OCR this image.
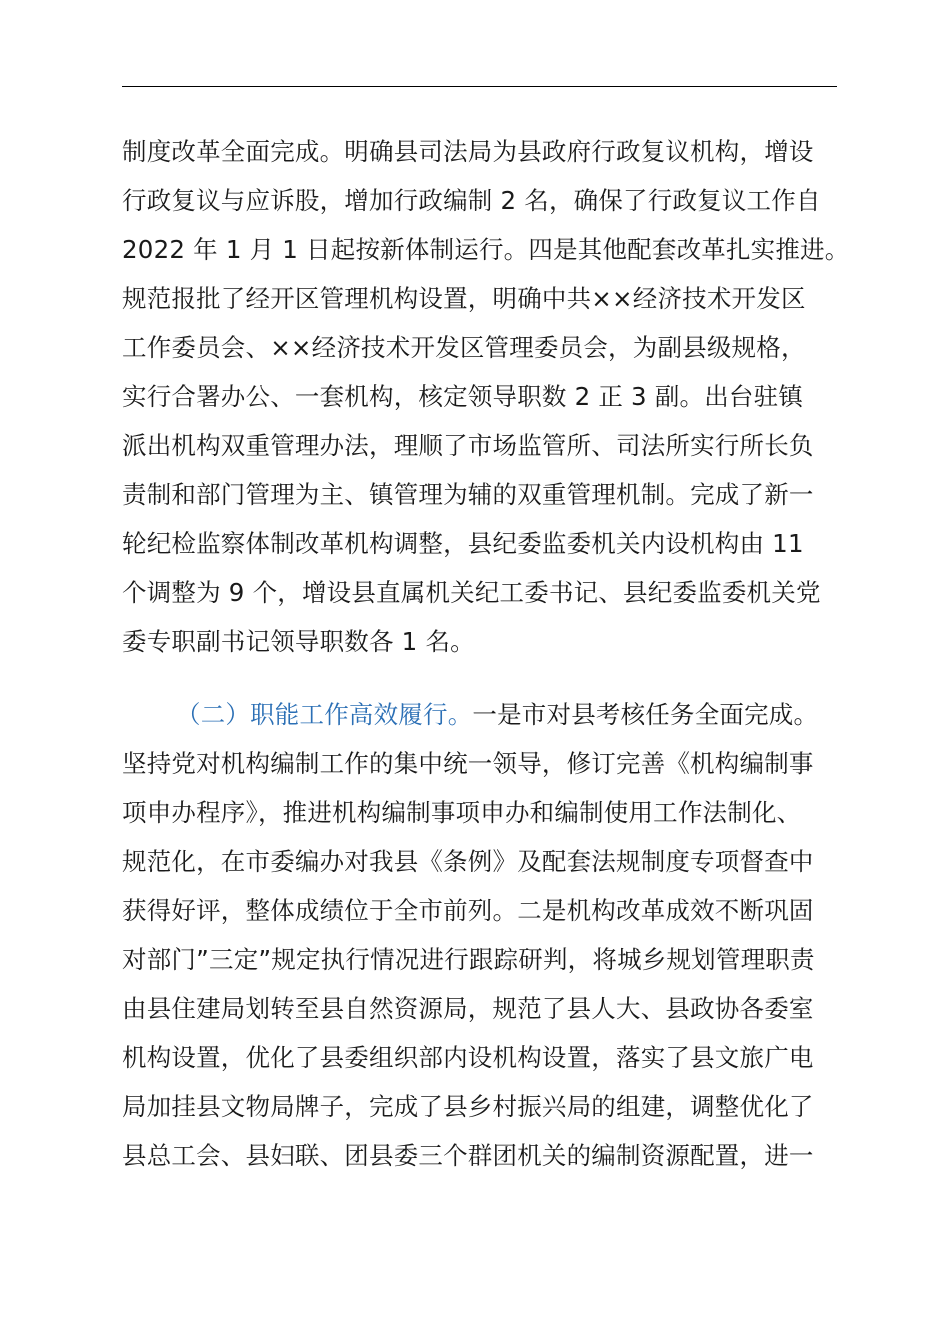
制度改革全面完成。明确县司法局为县政府行政复议机构，增设
行政复议与应诉股，增加行政编制 2 名，确保了行政复议工作自
2022 年 1 月 1 日起按新体制运行。四是其他配套改革扎实推进。
规范报批了经开区管理机构设置，明确中共××经济技术开发区
工作委员会、××经济技术开发区管理委员会，为副县级规格，
实行合署办公、一套机构，核定领导职数 2 正 3 副。出台驻镇
派出机构双重管理办法，理顺了市场监管所、司法所实行所长负
责制和部门管理为主、镇管理为辅的双重管理机制。完成了新一
轮纪检监察体制改革机构调整，县纪委监委机关内设机构由 11
个调整为 9 个，增设县直属机关纪工委书记、县纪委监委机关党
委专职副书记领导职数各 1 名。
（二）职能工作高效履行。一是市对县考核任务全面完成。
坚持党对机构编制工作的集中统一领导，修订完善《机构编制事
项申办程序》，推进机构编制事项申办和编制使用工作法制化、
规范化，在市委编办对我县《条例》及配套法规制度专项督查中
获得好评，整体成绩位于全市前列。二是机构改革成效不断巩固
对部门”三定”规定执行情况进行跟踪研判，将城乡规划管理职责
由县住建局划转至县自然资源局，规范了县人大、县政协各委室
机构设置，优化了县委组织部内设机构设置，落实了县文旅广电
局加挂县文物局牌子，完成了县乡村振兴局的组建，调整优化了
县总工会、县妇联、团县委三个群团机关的编制资源配置，进一
